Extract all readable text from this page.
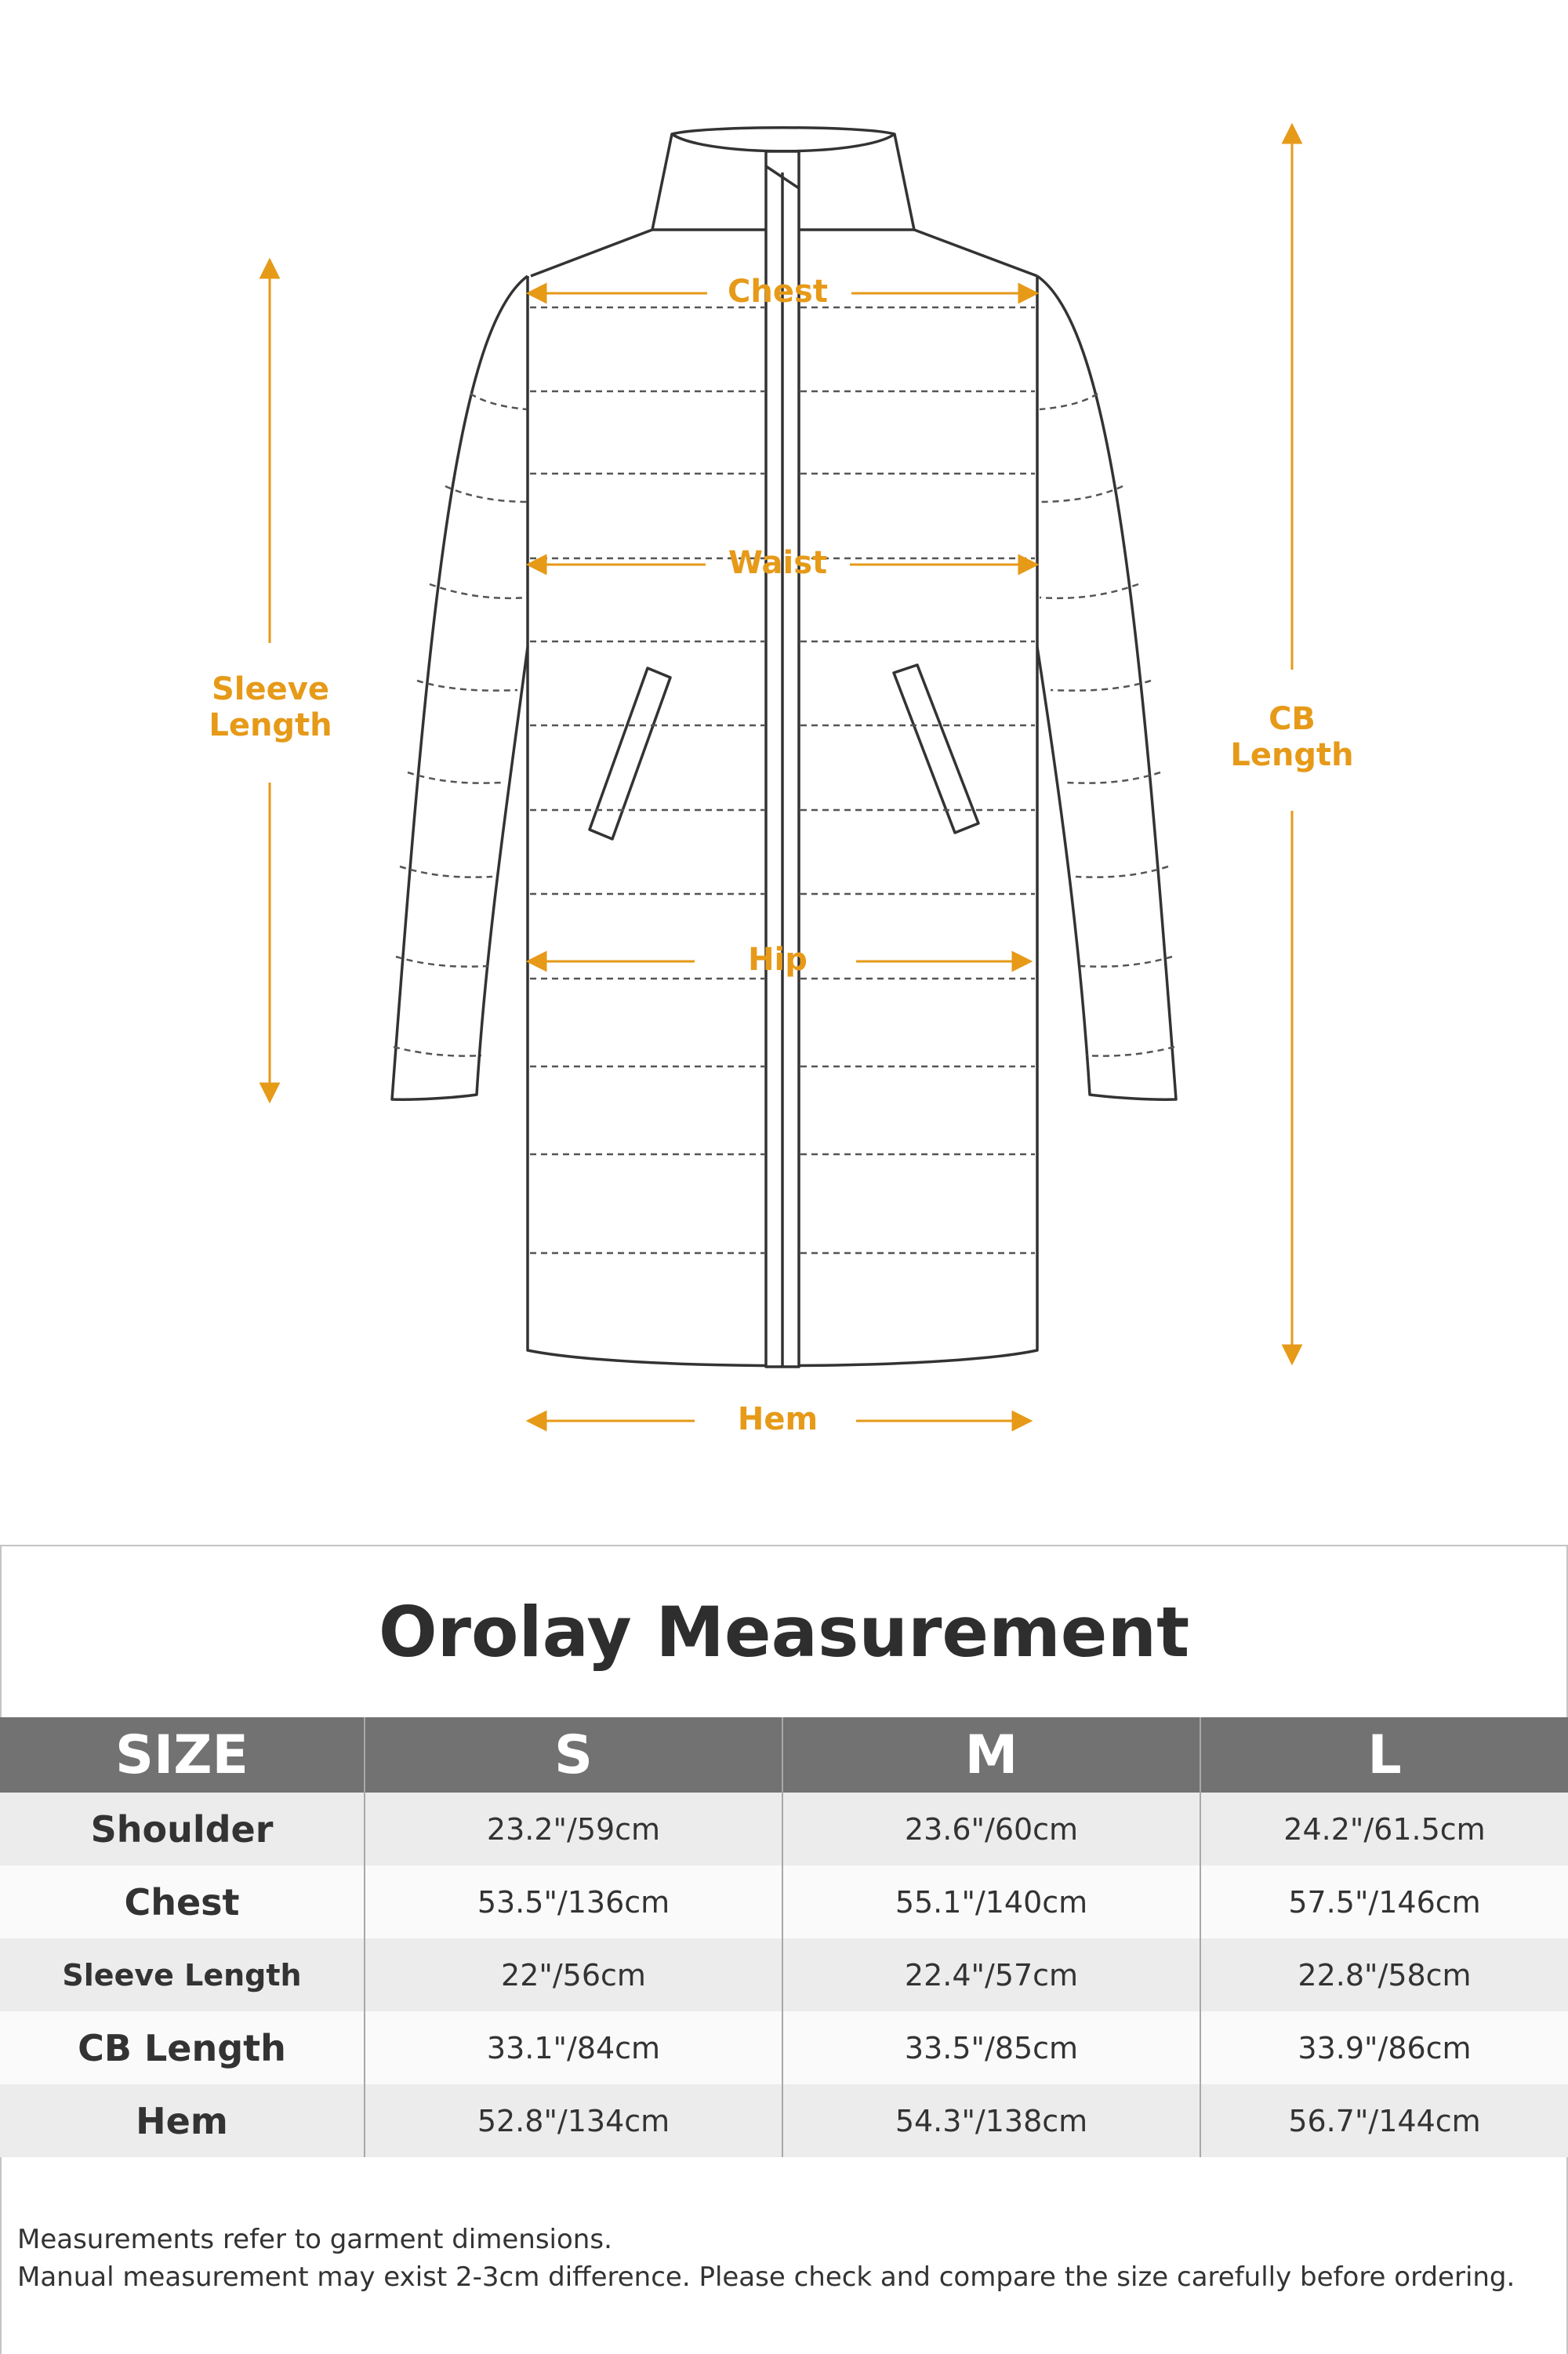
Chest
Waist
Hip
Hem
Sleeve
Length	CB
Length
Orolay Measurement
SIZE	S	M	L
Shoulder	23.2"/59cm	23.6"/60cm	24.2"/61.5cm
Chest	53.5"/136cm	55.1"/140cm	57.5"/146cm
Sleeve Length	22"/56cm	22.4"/57cm	22.8"/58cm
CB Length	33.1"/84cm	33.5"/85cm	33.9"/86cm
Hem	52.8"/134cm	54.3"/138cm	56.7"/144cm
Measurements refer to garment dimensions.
Manual measurement may exist 2-3cm difference. Please check and compare the size carefully before ordering.
